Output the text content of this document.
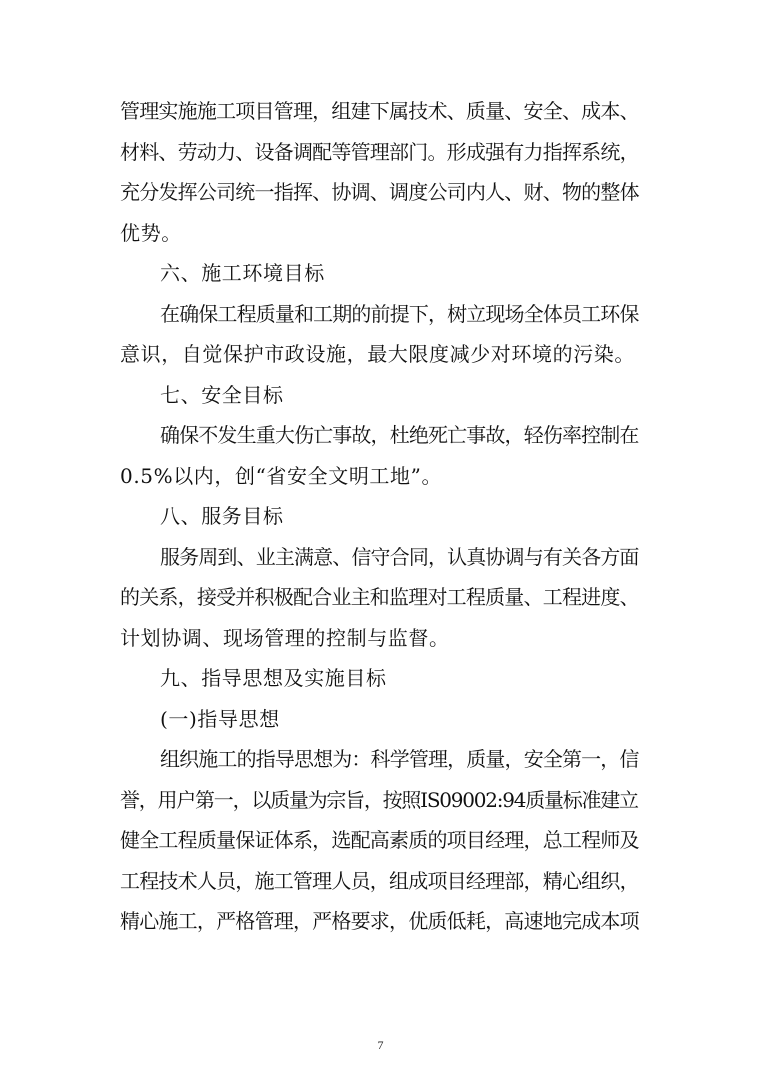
管理实施施工项目管理，组建下属技术、质量、安全、成本、
材料、劳动力、设备调配等管理部门。形成强有力指挥系统，
充分发挥公司统一指挥、协调、调度公司内人、财、物的整体
优势。
六、施工环境目标
在确保工程质量和工期的前提下，树立现场全体员工环保
意识，自觉保护市政设施，最大限度减少对环境的污染。
七、安全目标
确保不发生重大伤亡事故，杜绝死亡事故，轻伤率控制在
0.5%以内，创“省安全文明工地”。
八、服务目标
服务周到、业主满意、信守合同，认真协调与有关各方面
的关系，接受并积极配合业主和监理对工程质量、工程进度、
计划协调、现场管理的控制与监督。
九、指导思想及实施目标
(一)指导思想
组织施工的指导思想为：科学管理，质量，安全第一，信
誉，用户第一，以质量为宗旨，按照IS09002:94质量标准建立
健全工程质量保证体系，选配高素质的项目经理，总工程师及
工程技术人员，施工管理人员，组成项目经理部，精心组织，
精心施工，严格管理，严格要求，优质低耗，高速地完成本项
7
